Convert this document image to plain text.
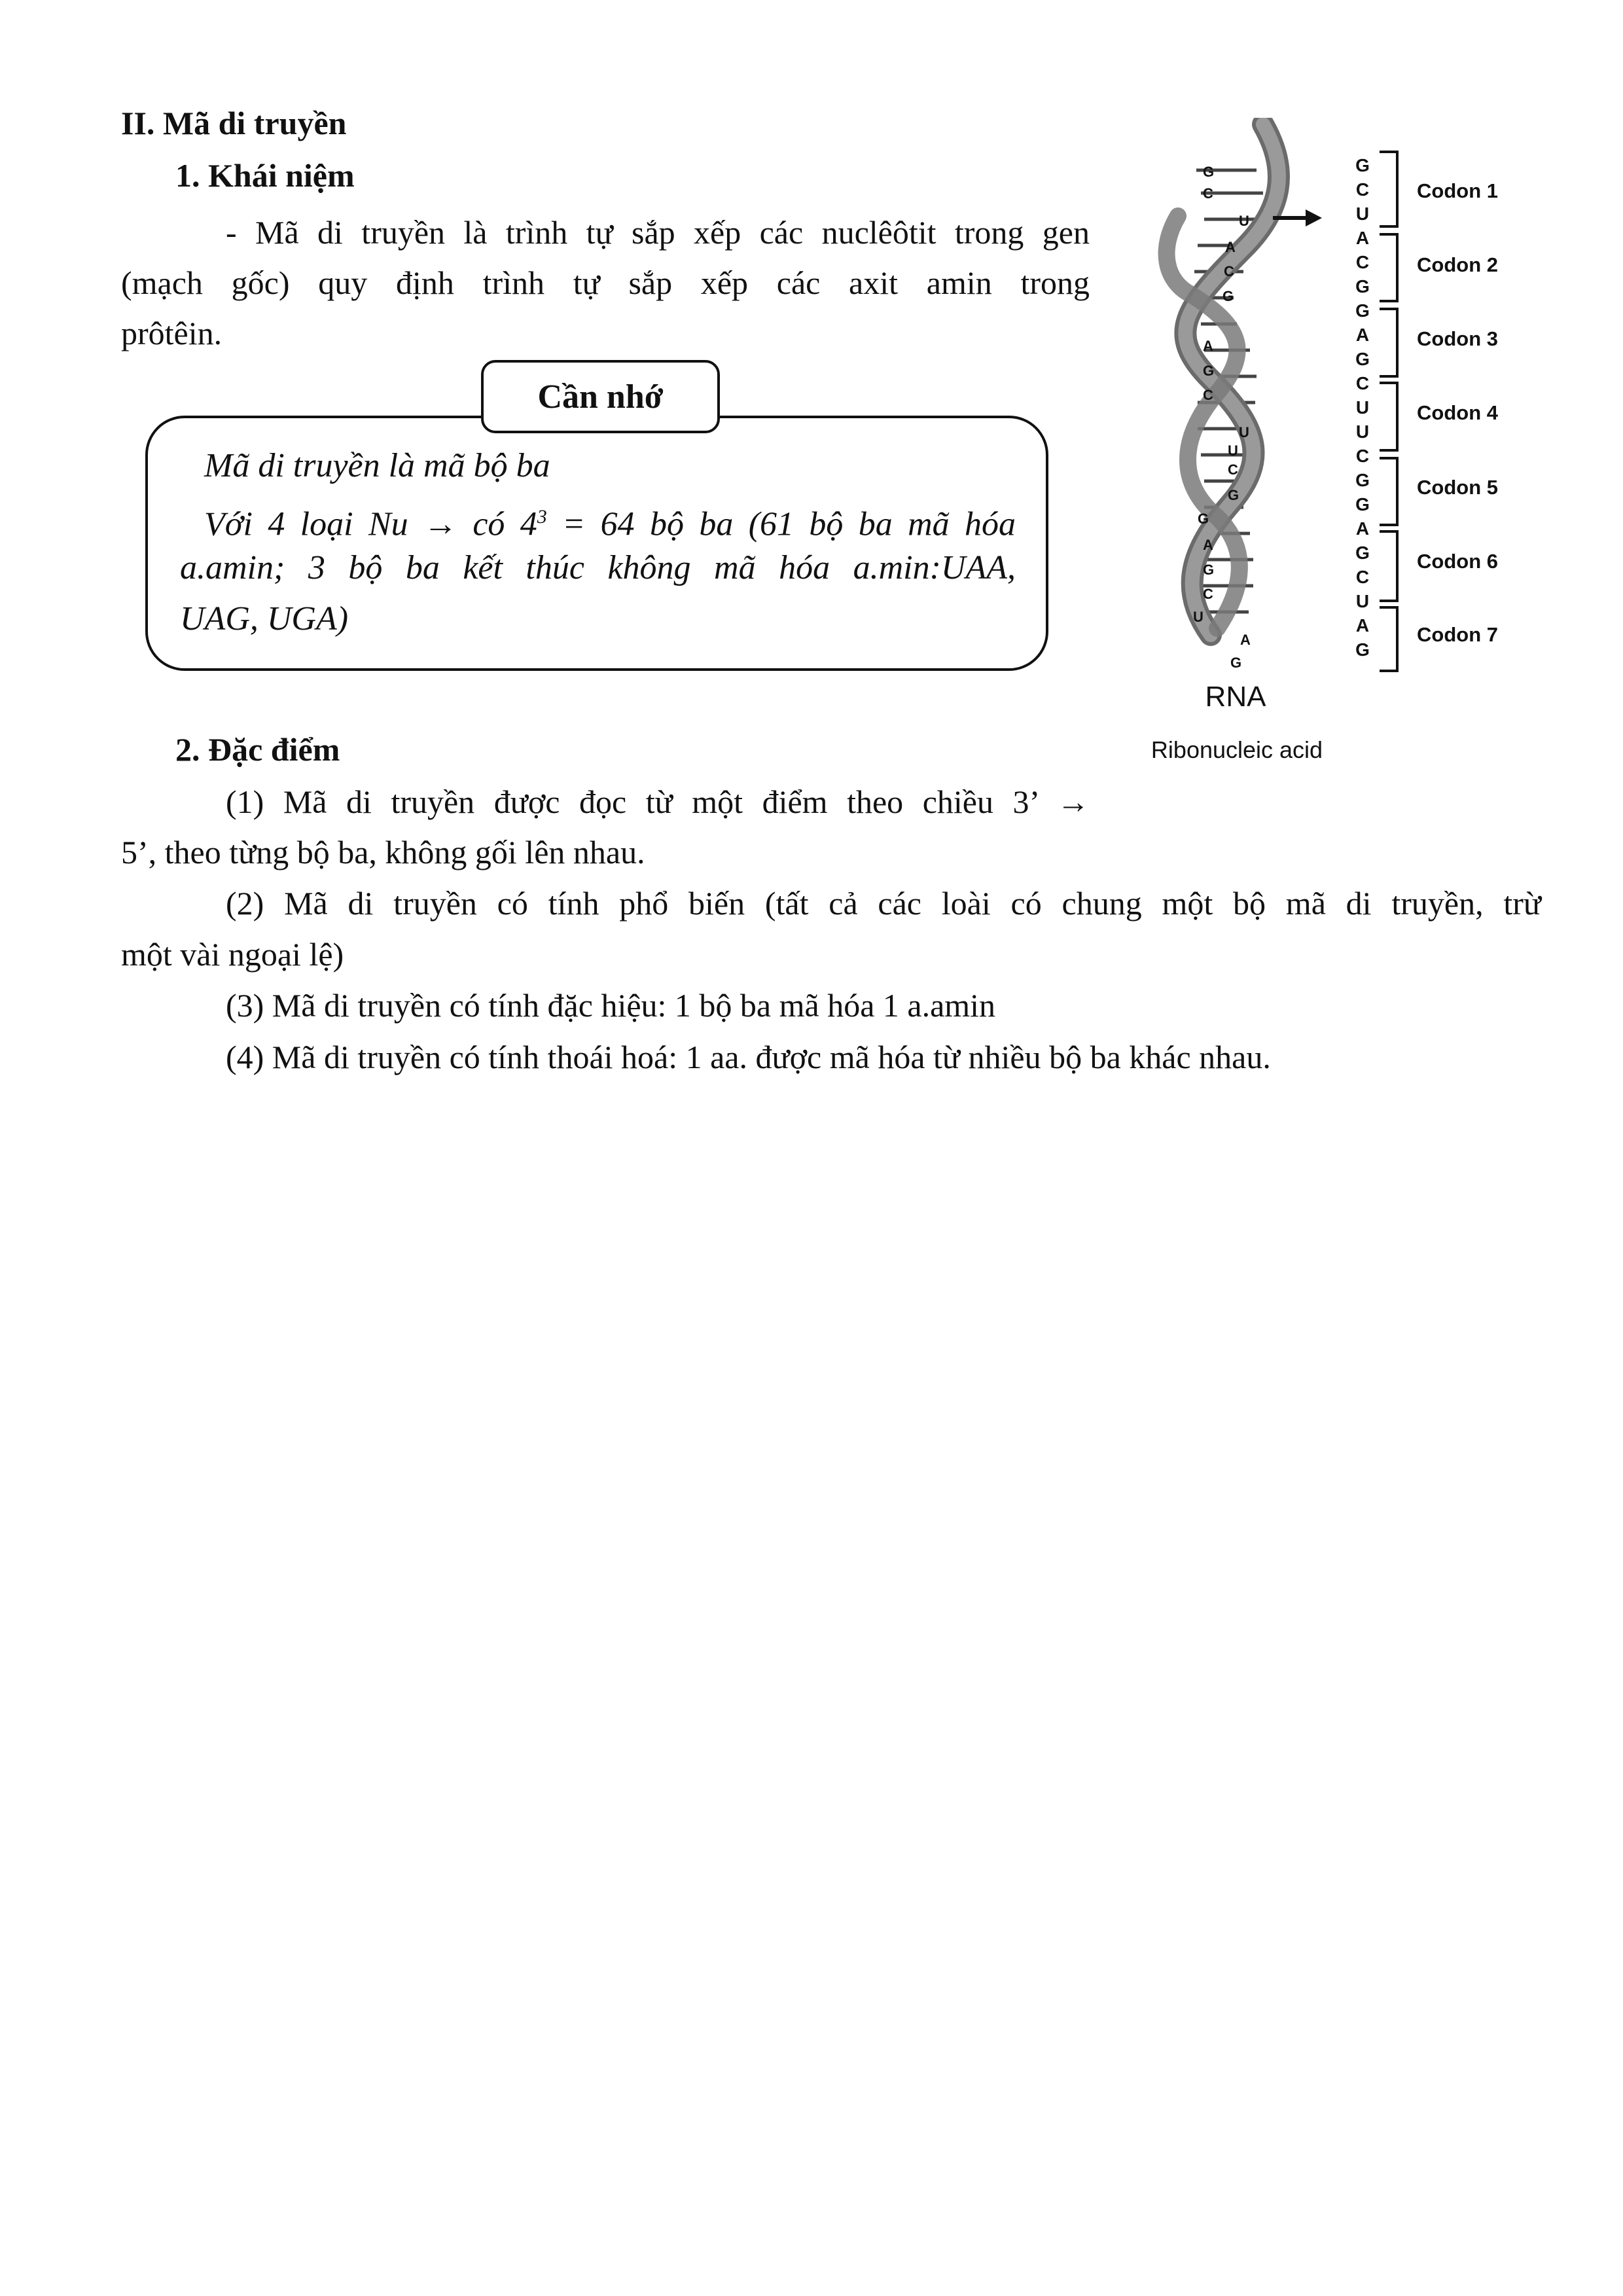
II. Mã di truyền
1. Khái niệm
- Mã di truyền là trình tự sắp xếp các nuclêôtit trong gen
(mạch gốc) quy định trình tự sắp xếp các axit amin trong
prôtêin.
Cần nhớ
Mã di truyền là mã bộ ba
Với 4 loại Nu → có $4^3 = 64$ bộ ba (61 bộ ba mã hóa
a.amin; 3 bộ ba kết thúc không mã hóa a.min:UAA,
UAG, UGA)
2. Đặc điểm
(1) Mã di truyền được đọc từ một điểm theo chiều 3’ →
5’, theo từng bộ ba, không gối lên nhau.
(2) Mã di truyền có tính phổ biến (tất cả các loài có chung một bộ mã di truyền, trừ
một vài ngoại lệ)
(3) Mã di truyền có tính đặc hiệu: 1 bộ ba mã hóa 1 a.amin
(4) Mã di truyền có tính thoái hoá: 1 aa. được mã hóa từ nhiều bộ ba khác nhau.
G
C
U
A
C
G
G
A
G
C
U
U
C
G
G
A
G
C
U
A
G
Codon 1
Codon 2
Codon 3
Codon 4
Codon 5
Codon 6
Codon 7
G
C
U
A
C
G
A
G
C
U
U
C
G
G
A
G
C
U
A
G
RNA
Ribonucleic acid
